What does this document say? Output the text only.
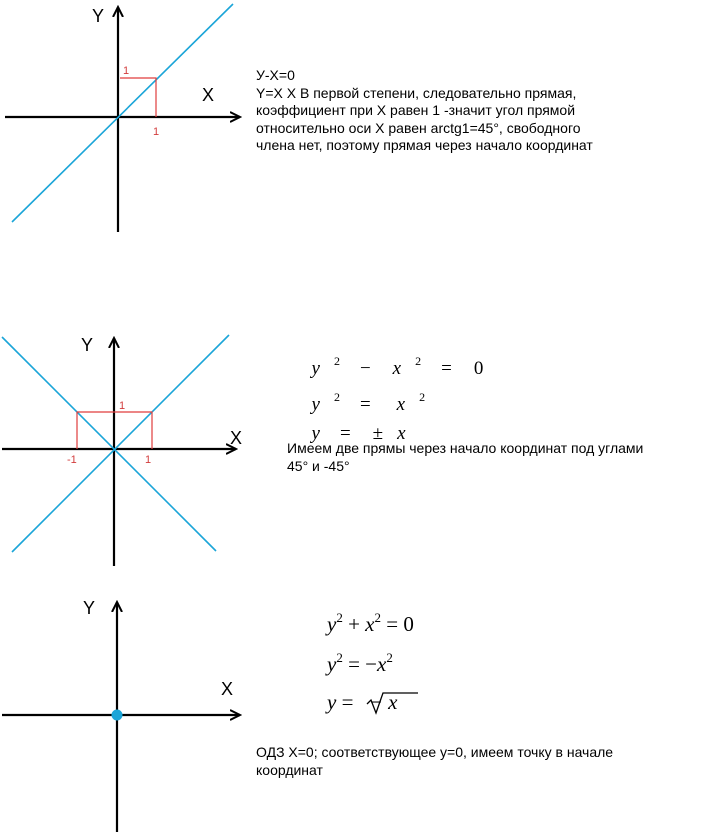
Y
X
1
1
Y
X
1
-1	1
Y
X
У-Х=0
Y=X X В первой степени, следовательно прямая,
коэффициент при Х равен 1 -значит угол прямой
относительно оси Х равен arctg1=45°, свободного
члена нет, поэтому прямая через начало координат

y $^2$ − x $^2$ = 0

y $^2$ = x $^2$

y = ± x

Имеем две прямы через начало координат под углами
45° и -45°
$y^2 + x^2 = 0$
$y^2 = -x^2$
y = − x
ОДЗ Х=0; соответствующее у=0, имеем точку в начале
координат
